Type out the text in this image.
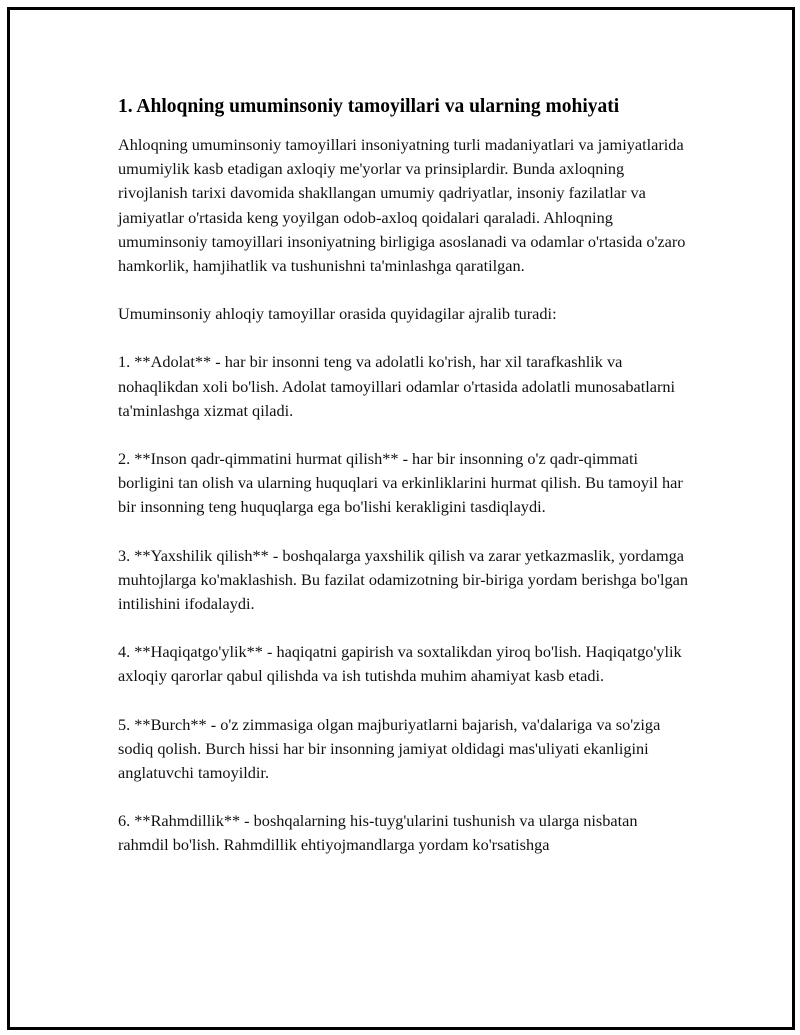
1. Ahloqning umuminsoniy tamoyillari va ularning mohiyati

Ahloqning umuminsoniy tamoyillari insoniyatning turli madaniyatlari va jamiyatlarida umumiylik kasb etadigan axloqiy me'yorlar va prinsiplardir. Bunda axloqning rivojlanish tarixi davomida shakllangan umumiy qadriyatlar, insoniy fazilatlar va jamiyatlar o'rtasida keng yoyilgan odob-axloq qoidalari qaraladi. Ahloqning umuminsoniy tamoyillari insoniyatning birligiga asoslanadi va odamlar o'rtasida o'zaro hamkorlik, hamjihatlik va tushunishni ta'minlashga qaratilgan.

Umuminsoniy ahloqiy tamoyillar orasida quyidagilar ajralib turadi:

1. **Adolat** - har bir insonni teng va adolatli ko'rish, har xil tarafkashlik va nohaqlikdan xoli bo'lish. Adolat tamoyillari odamlar o'rtasida adolatli munosabatlarni ta'minlashga xizmat qiladi.

2. **Inson qadr-qimmatini hurmat qilish** - har bir insonning o'z qadr-qimmati borligini tan olish va ularning huquqlari va erkinliklarini hurmat qilish. Bu tamoyil har bir insonning teng huquqlarga ega bo'lishi kerakligini tasdiqlaydi.

3. **Yaxshilik qilish** - boshqalarga yaxshilik qilish va zarar yetkazmaslik, yordamga muhtojlarga ko'maklashish. Bu fazilat odamizotning bir-biriga yordam berishga bo'lgan intilishini ifodalaydi.

4. **Haqiqatgo'ylik** - haqiqatni gapirish va soxtalikdan yiroq bo'lish. Haqiqatgo'ylik axloqiy qarorlar qabul qilishda va ish tutishda muhim ahamiyat kasb etadi.

5. **Burch** - o'z zimmasiga olgan majburiyatlarni bajarish, va'dalariga va so'ziga sodiq qolish. Burch hissi har bir insonning jamiyat oldidagi mas'uliyati ekanligini anglatuvchi tamoyildir.

6. **Rahmdillik** - boshqalarning his-tuyg'ularini tushunish va ularga nisbatan rahmdil bo'lish. Rahmdillik ehtiyojmandlarga yordam ko'rsatishga
